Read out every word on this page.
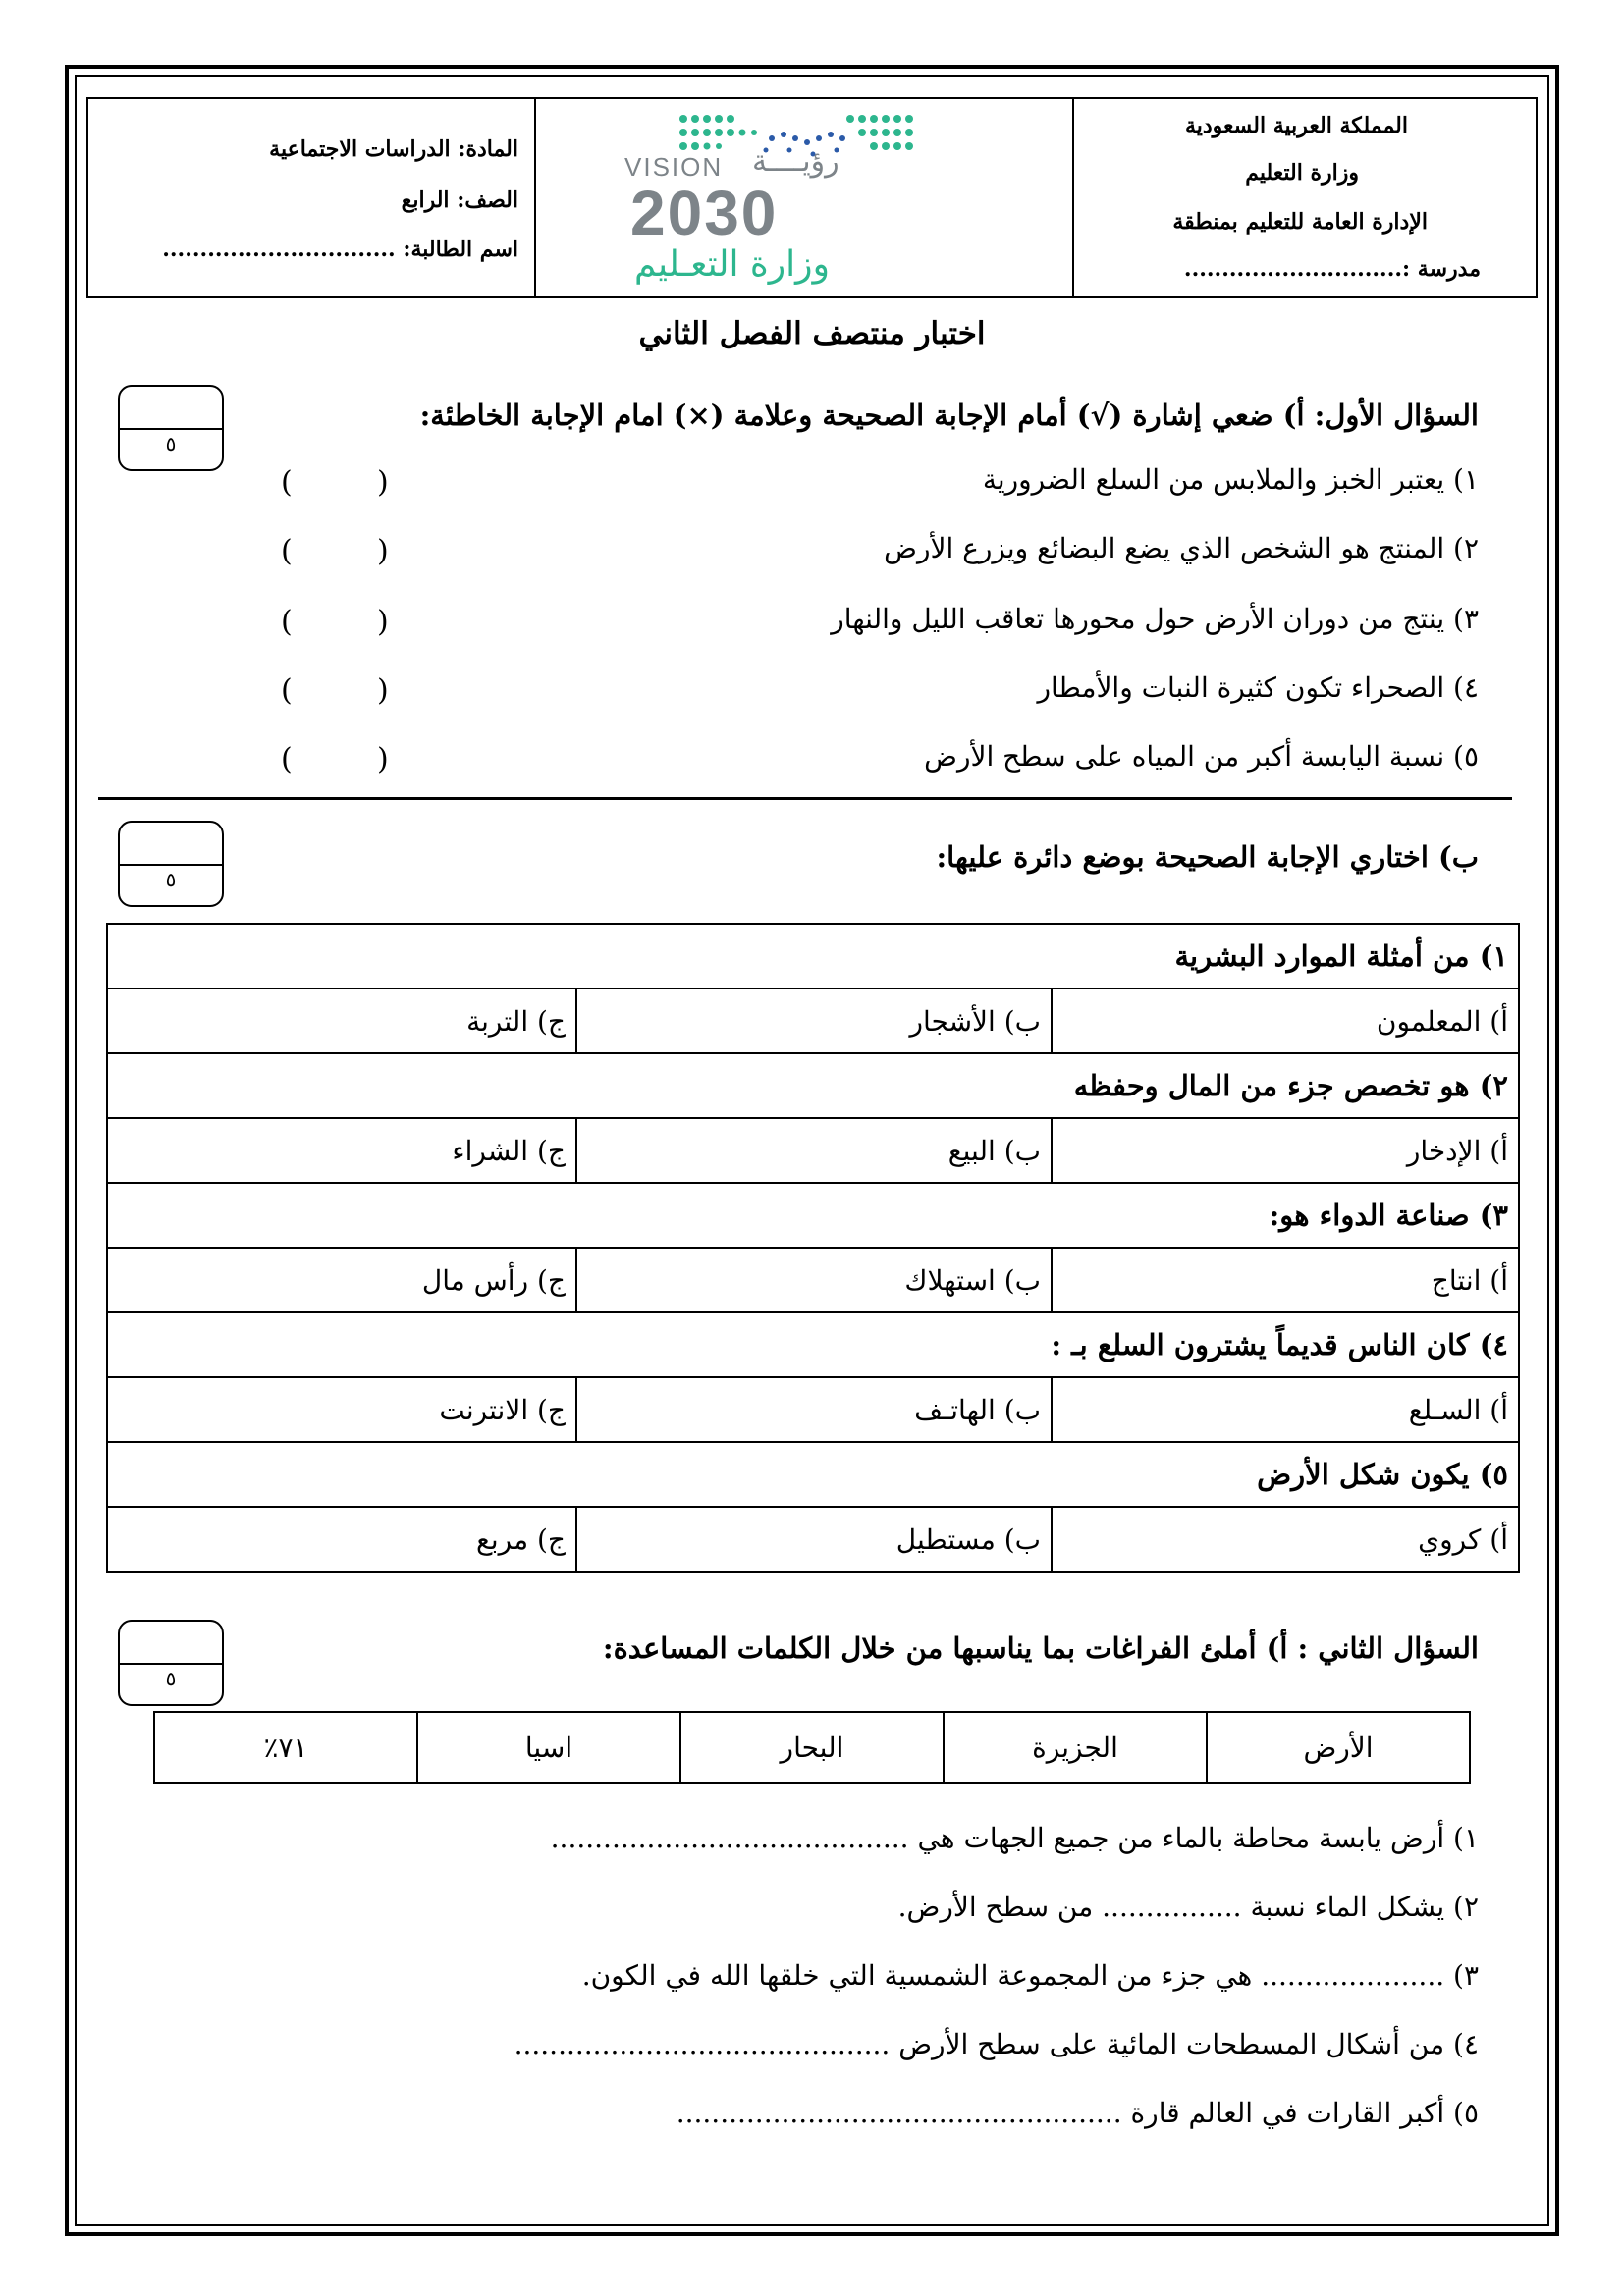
المملكة العربية السعودية
وزارة التعليم
الإدارة العامة للتعليم بمنطقة
مدرسة :.............................
VISION رؤيــــة
2030
وزارة التعـليم
المادة: الدراسات الاجتماعية
الصف: الرابع
اسم الطالبة: ...............................
اختبار منتصف الفصل الثاني
٥
السؤال الأول: أ) ضعي إشارة (√) أمام الإجابة الصحيحة وعلامة (×) امام الإجابة الخاطئة:
١) يعتبر الخبز والملابس من السلع الضرورية
٢) المنتج هو الشخص الذي يضع البضائع ويزرع الأرض
٣) ينتج من دوران الأرض حول محورها تعاقب الليل والنهار
٤) الصحراء تكون كثيرة النبات والأمطار
٥) نسبة اليابسة أكبر من المياه على سطح الأرض
(
)
(
)
(
)
(
)
(
)
٥
ب) اختاري الإجابة الصحيحة بوضع دائرة عليها:
١) من أمثلة الموارد البشرية		
أ) المعلمون	ب) الأشجار	ج) التربة
٢) هو تخصص جزء من المال وحفظه		
أ) الإدخار	ب) البيع	ج) الشراء
٣) صناعة الدواء هو:		
أ) انتاج	ب) استهلاك	ج) رأس مال
٤) كان الناس قديماً يشترون السلع بـ :		
أ) السـلع	ب) الهاتـف	ج) الانترنت
٥) يكون شكل الأرض		
أ) كروي	ب) مستطيل	ج) مربع
٥
السؤال الثاني : أ) أملئ الفراغات بما يناسبها من خلال الكلمات المساعدة:
الأرض	الجزيرة	البحار	اسيا	٧١٪
١) أرض يابسة محاطة بالماء من جميع الجهات هي .........................................
٢) يشكل الماء نسبة ................ من سطح الأرض.
٣) ..................... هي جزء من المجموعة الشمسية التي خلقها الله في الكون.
٤) من أشكال المسطحات المائية على سطح الأرض ...........................................
٥) أكبر القارات في العالم قارة ...................................................
